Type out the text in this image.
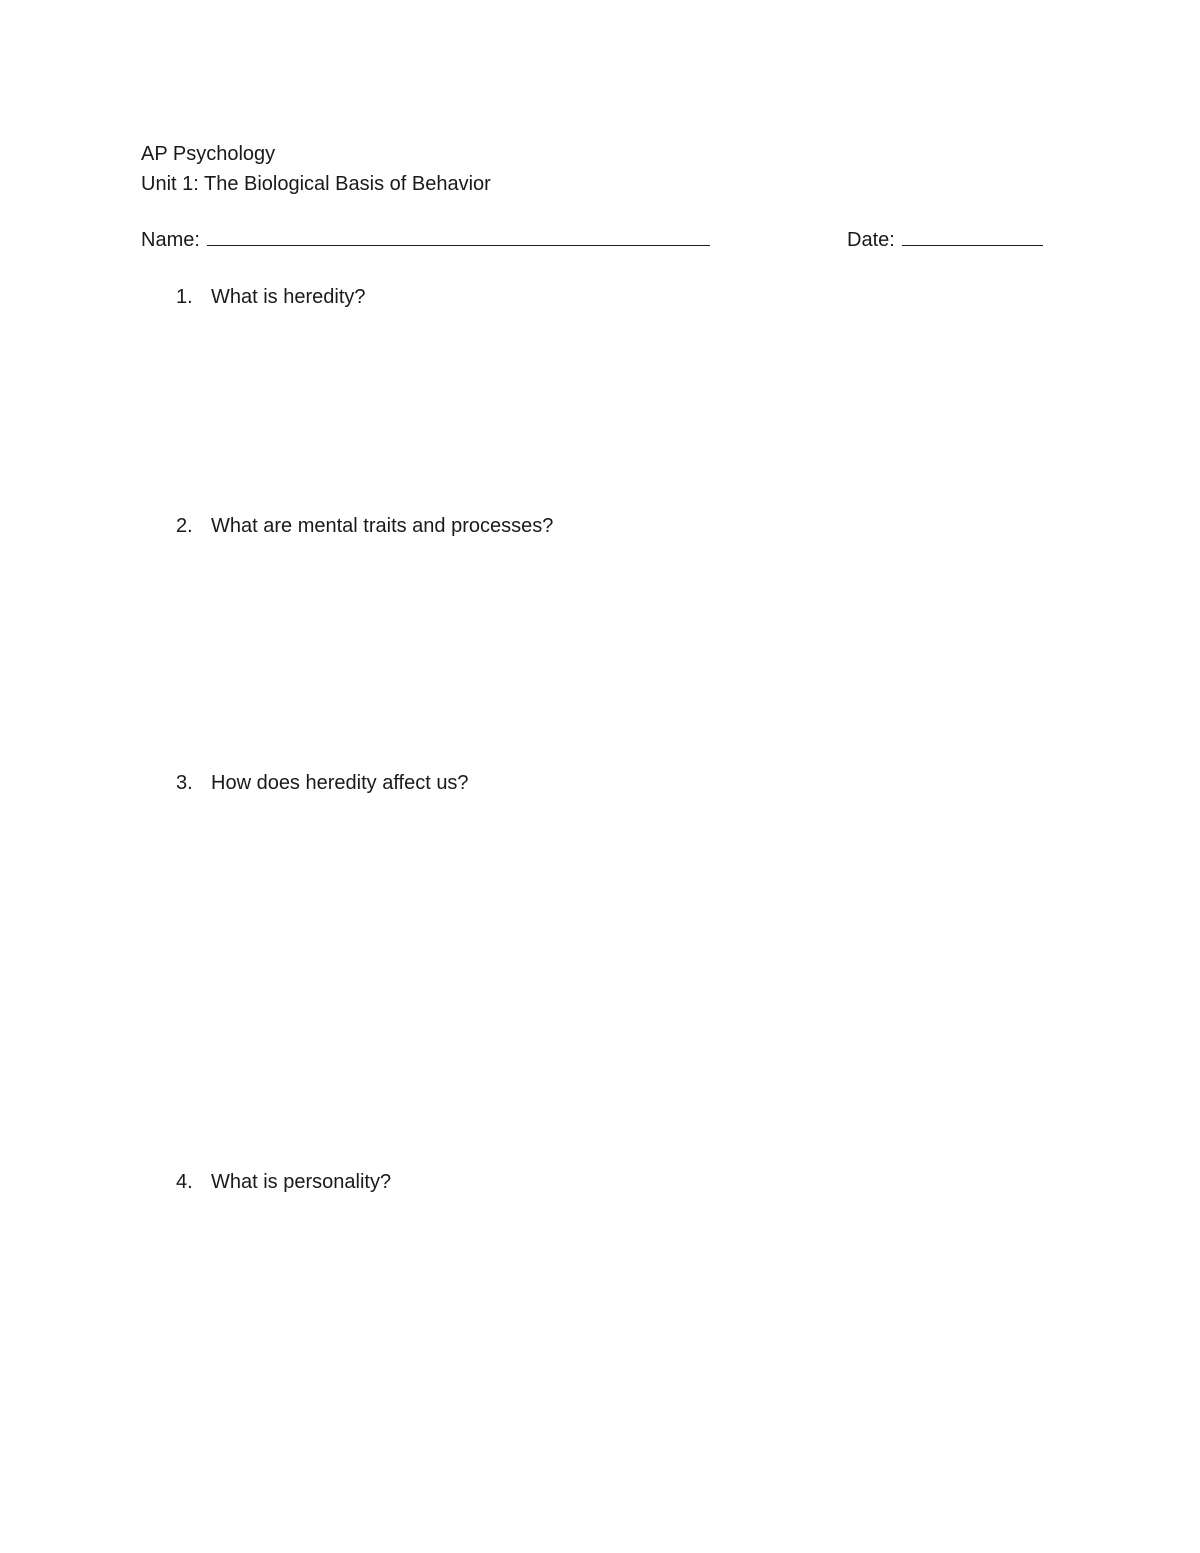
AP Psychology
Unit 1: The Biological Basis of Behavior
Name:	Date:
1. What is heredity?
2. What are mental traits and processes?
3. How does heredity affect us?
4. What is personality?
